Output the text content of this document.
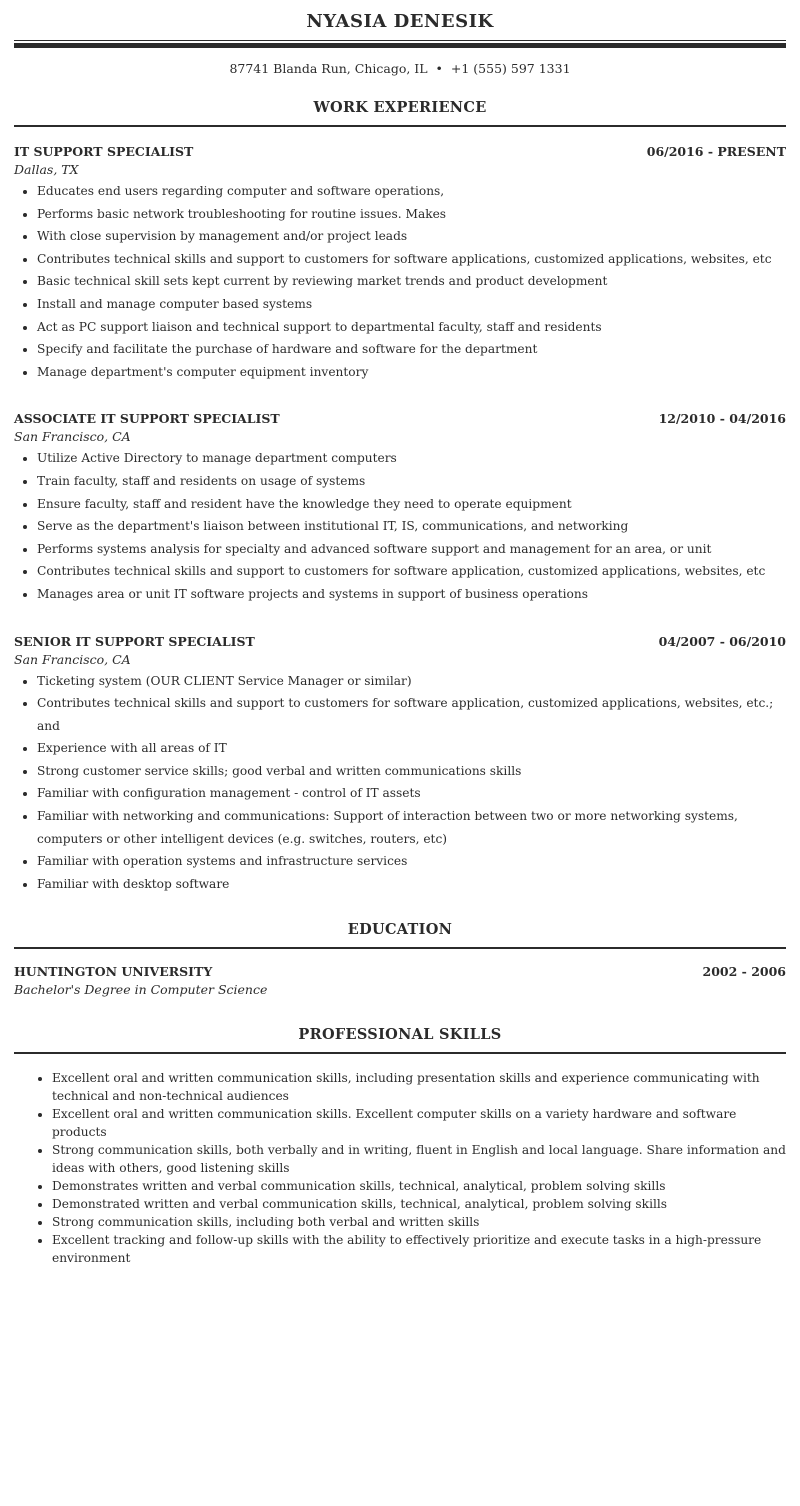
NYASIA DENESIK
87741 Blanda Run, Chicago, IL • +1 (555) 597 1331
WORK EXPERIENCE
IT SUPPORT SPECIALIST	06/2016 - PRESENT
Dallas, TX
• Educates end users regarding computer and software operations,
• Performs basic network troubleshooting for routine issues. Makes
• With close supervision by management and/or project leads
• Contributes technical skills and support to customers for software applications, customized applications, websites, etc
• Basic technical skill sets kept current by reviewing market trends and product development
• Install and manage computer based systems
• Act as PC support liaison and technical support to departmental faculty, staff and residents
• Specify and facilitate the purchase of hardware and software for the department
• Manage department's computer equipment inventory
ASSOCIATE IT SUPPORT SPECIALIST	12/2010 - 04/2016
San Francisco, CA
• Utilize Active Directory to manage department computers
• Train faculty, staff and residents on usage of systems
• Ensure faculty, staff and resident have the knowledge they need to operate equipment
• Serve as the department's liaison between institutional IT, IS, communications, and networking
• Performs systems analysis for specialty and advanced software support and management for an area, or unit
• Contributes technical skills and support to customers for software application, customized applications, websites, etc
• Manages area or unit IT software projects and systems in support of business operations
SENIOR IT SUPPORT SPECIALIST	04/2007 - 06/2010
San Francisco, CA
• Ticketing system (OUR CLIENT Service Manager or similar)
• Contributes technical skills and support to customers for software application, customized applications, websites, etc.; and
• Experience with all areas of IT
• Strong customer service skills; good verbal and written communications skills
• Familiar with configuration management - control of IT assets
• Familiar with networking and communications: Support of interaction between two or more networking systems, computers or other intelligent devices (e.g. switches, routers, etc)
• Familiar with operation systems and infrastructure services
• Familiar with desktop software
EDUCATION
HUNTINGTON UNIVERSITY	2002 - 2006
Bachelor's Degree in Computer Science
PROFESSIONAL SKILLS
• Excellent oral and written communication skills, including presentation skills and experience communicating with technical and non-technical audiences
• Excellent oral and written communication skills. Excellent computer skills on a variety hardware and software products
• Strong communication skills, both verbally and in writing, fluent in English and local language. Share information and ideas with others, good listening skills
• Demonstrates written and verbal communication skills, technical, analytical, problem solving skills
• Demonstrated written and verbal communication skills, technical, analytical, problem solving skills
• Strong communication skills, including both verbal and written skills
• Excellent tracking and follow-up skills with the ability to effectively prioritize and execute tasks in a high-pressure environment
